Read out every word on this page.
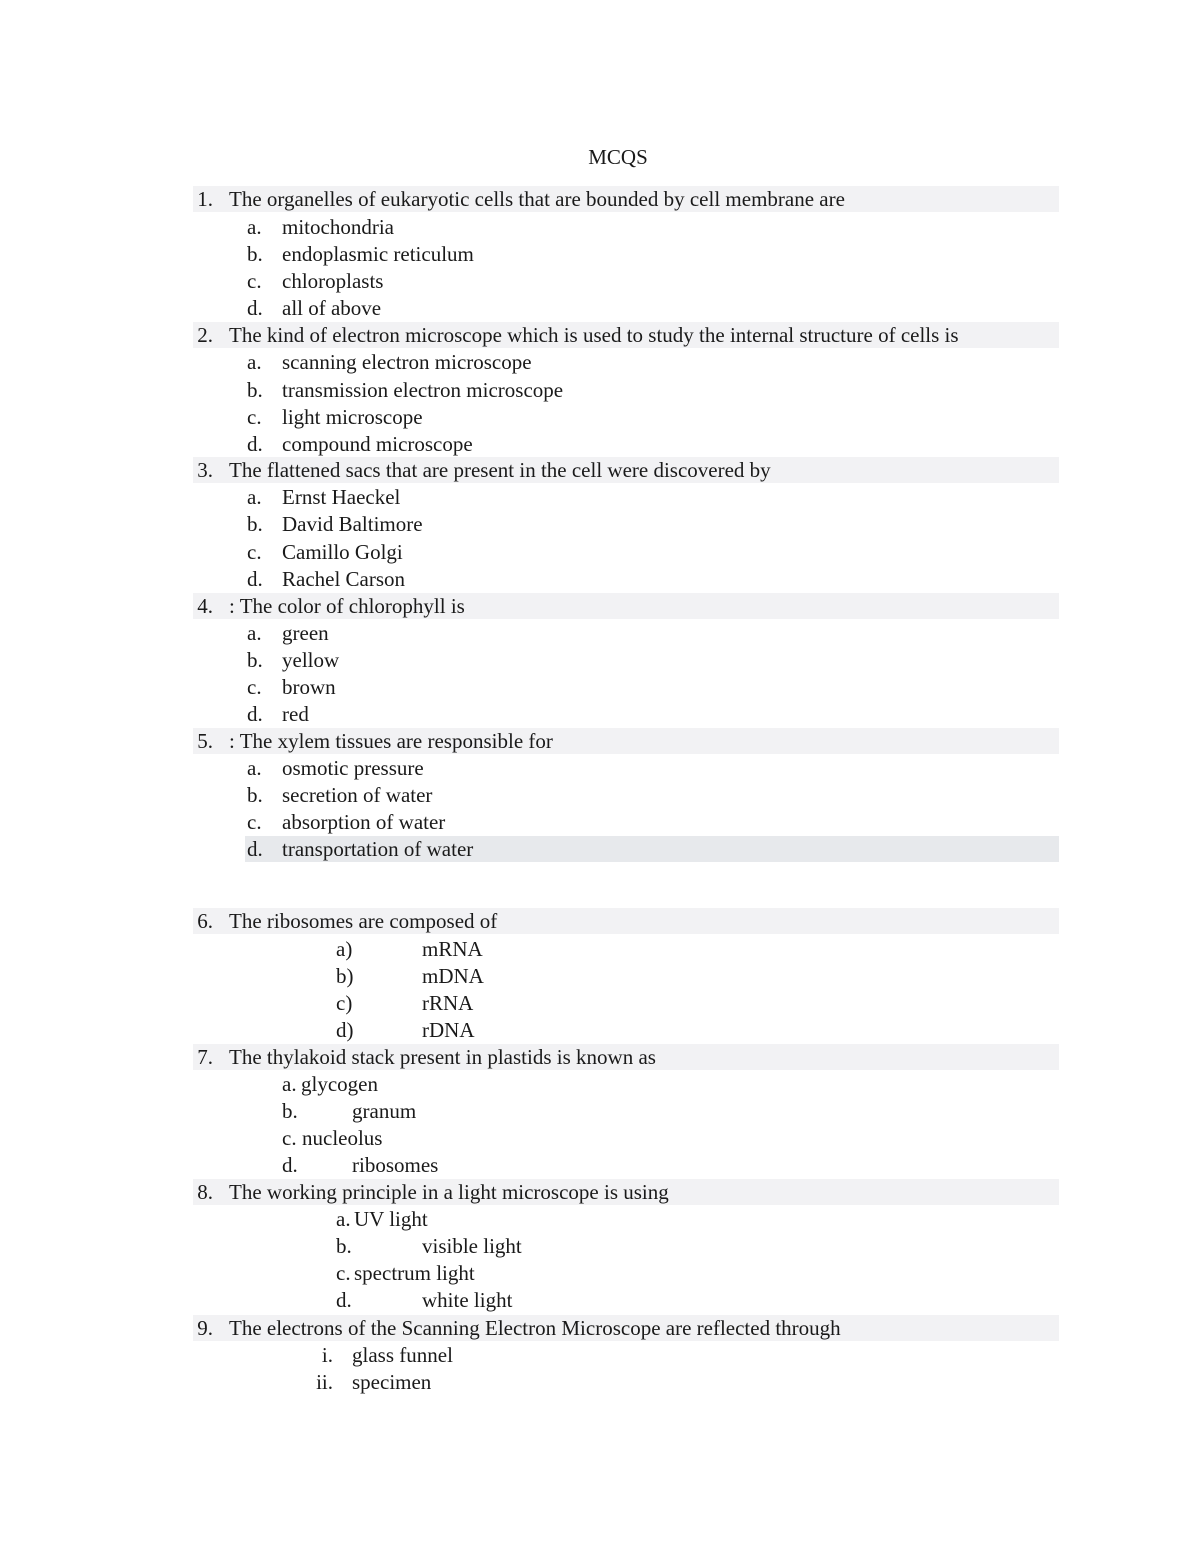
MCQS
1. The organelles of eukaryotic cells that are bounded by cell membrane are
a. mitochondria
b. endoplasmic reticulum
c. chloroplasts
d. all of above
2. The kind of electron microscope which is used to study the internal structure of cells is
a. scanning electron microscope
b. transmission electron microscope
c. light microscope
d. compound microscope
3. The flattened sacs that are present in the cell were discovered by
a. Ernst Haeckel
b. David Baltimore
c. Camillo Golgi
d. Rachel Carson
4. : The color of chlorophyll is
a. green
b. yellow
c. brown
d. red
5. : The xylem tissues are responsible for
a. osmotic pressure
b. secretion of water
c. absorption of water
d. transportation of water
6. The ribosomes are composed of
a)	mRNA
b)	mDNA
c)	rRNA
d)	rDNA
7. The thylakoid stack present in plastids is known as
a. glycogen
b.	granum
c. nucleolus
d.	ribosomes
8. The working principle in a light microscope is using
a. UV light
b.	visible light
c. spectrum light
d.	white light
9. The electrons of the Scanning Electron Microscope are reflected through
i. glass funnel
ii. specimen
